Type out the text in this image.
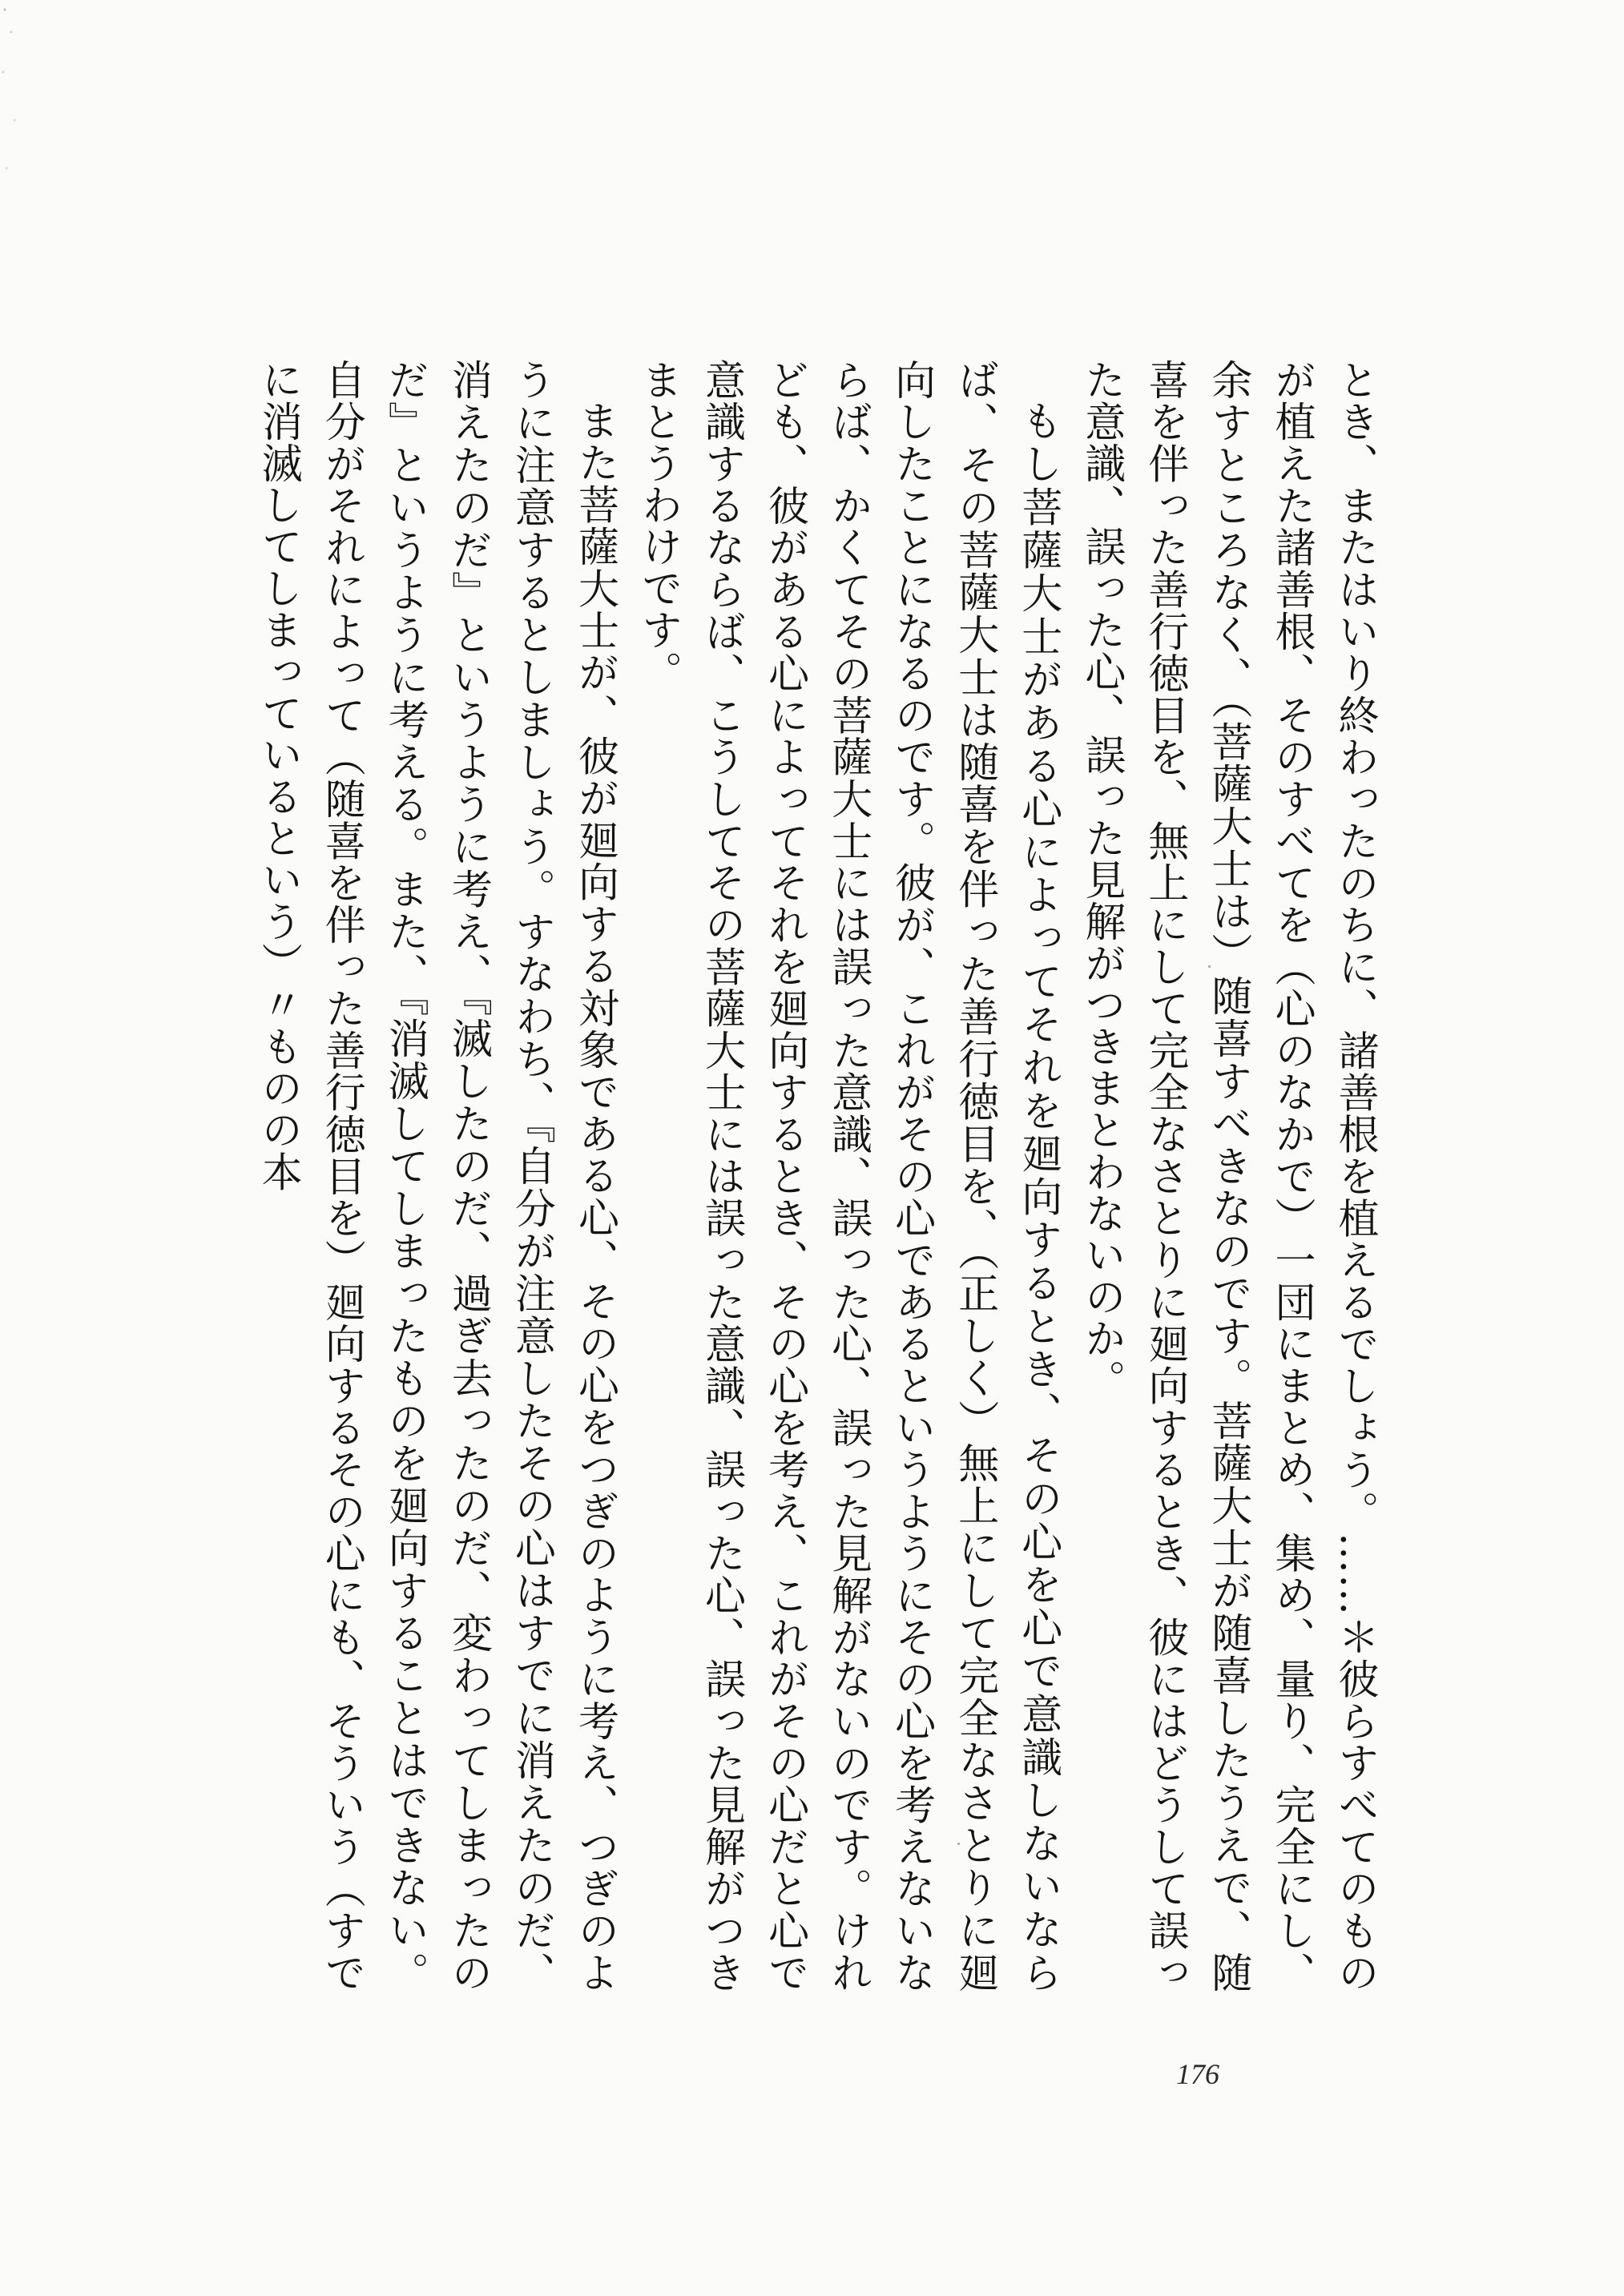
とき、またはいり終わったのちに、諸善根を植えるでしょう。……＊彼らすべてのものが植えた諸善根、そのすべてを（心のなかで）一団にまとめ、集め、量り、完全にし、余すところなく、（菩薩大士は）随喜すべきなのです。菩薩大士が随喜したうえで、随喜を伴った善行徳目を、無上にして完全なさとりに廻向するとき、彼にはどうして誤った意識、誤った心、誤った見解がつきまとわないのか。

もし菩薩大士がある心によってそれを廻向するとき、その心を心で意識しないならば、その菩薩大士は随喜を伴った善行徳目を、（正しく）無上にして完全なさとりに廻向したことになるのです。彼が、これがその心であるというようにその心を考えないならば、かくてその菩薩大士には誤った意識、誤った心、誤った見解がないのです。けれども、彼がある心によってそれを廻向するとき、その心を考え、これがその心だと心で意識するならば、こうしてその菩薩大士には誤った意識、誤った心、誤った見解がつきまとうわけです。

また菩薩大士が、彼が廻向する対象である心、その心をつぎのように考え、つぎのように注意するとしましょう。すなわち、『自分が注意したその心はすでに消えたのだ、消えたのだ』というように考え、『滅したのだ、過ぎ去ったのだ、変わってしまったのだ』というように考える。また、『消滅してしまったものを廻向することはできない。自分がそれによって（随喜を伴った善行徳目を）廻向するその心にも、そういう（すでに消滅してしまっているという）〃ものの本

176
